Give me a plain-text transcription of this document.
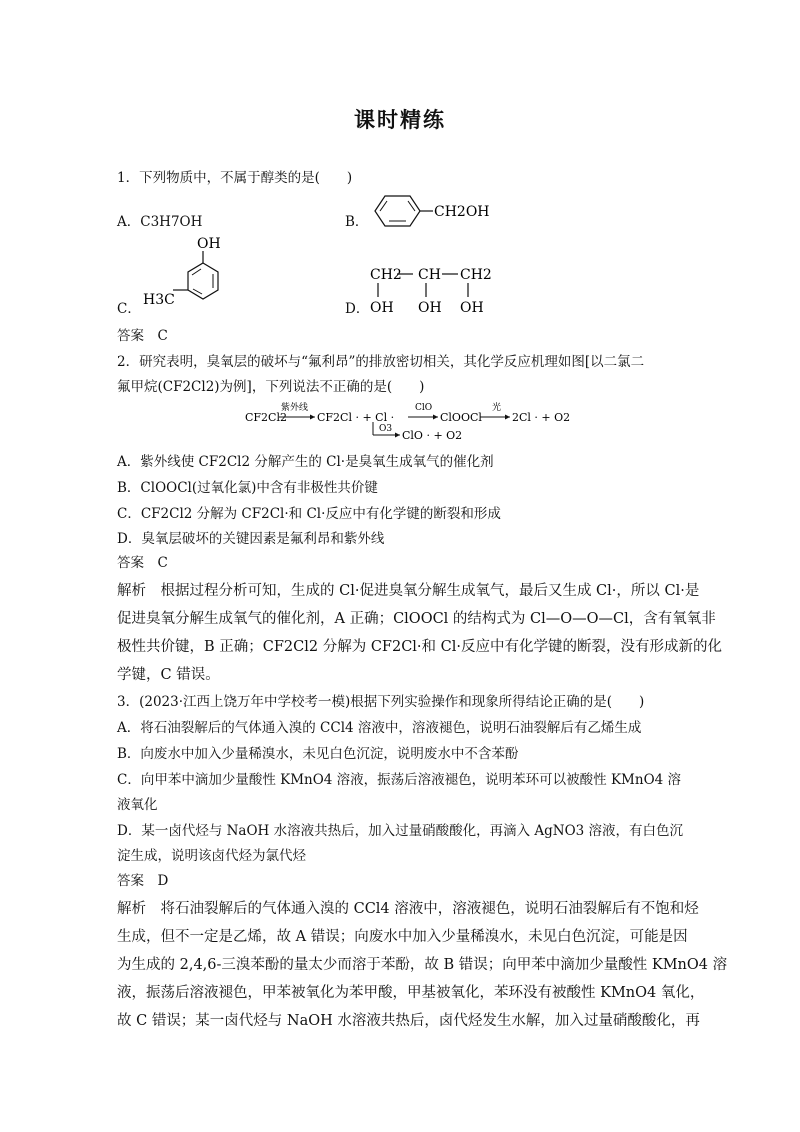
课时精练
1．下列物质中，不属于醇类的是(　　)
A．C3H7OH	B．
CH2OH
C．
OH
H3C
D．
CH2 CH CH2
OH OH OH
答案　C
2．研究表明，臭氧层的破坏与“氟利昂”的排放密切相关，其化学反应机理如图[以二氯二
氟甲烷(CF2Cl2)为例]，下列说法不正确的是(　　)
CF2Cl2
紫外线
CF2Cl · + Cl ·
ClO
ClOOCl
光
2Cl · + O2
O3 ClO · + O2
A．紫外线使 CF2Cl2 分解产生的 Cl·是臭氧生成氧气的催化剂
B．ClOOCl(过氧化氯)中含有非极性共价键
C．CF2Cl2 分解为 CF2Cl·和 Cl·反应中有化学键的断裂和形成
D．臭氧层破坏的关键因素是氟利昂和紫外线
答案　C
解析　根据过程分析可知，生成的 Cl·促进臭氧分解生成氧气，最后又生成 Cl·，所以 Cl·是
促进臭氧分解生成氧气的催化剂，A 正确；ClOOCl 的结构式为 Cl—O—O—Cl，含有氧氧非
极性共价键，B 正确；CF2Cl2 分解为 CF2Cl·和 Cl·反应中有化学键的断裂，没有形成新的化
学键，C 错误。
3．(2023·江西上饶万年中学校考一模)根据下列实验操作和现象所得结论正确的是(　　)
A．将石油裂解后的气体通入溴的 CCl4 溶液中，溶液褪色，说明石油裂解后有乙烯生成
B．向废水中加入少量稀溴水，未见白色沉淀，说明废水中不含苯酚
C．向甲苯中滴加少量酸性 KMnO4 溶液，振荡后溶液褪色，说明苯环可以被酸性 KMnO4 溶
液氧化
D．某一卤代烃与 NaOH 水溶液共热后，加入过量硝酸酸化，再滴入 AgNO3 溶液，有白色沉
淀生成，说明该卤代烃为氯代烃
答案　D
解析　将石油裂解后的气体通入溴的 CCl4 溶液中，溶液褪色，说明石油裂解后有不饱和烃
生成，但不一定是乙烯，故 A 错误；向废水中加入少量稀溴水，未见白色沉淀，可能是因
为生成的 2,4,6-三溴苯酚的量太少而溶于苯酚，故 B 错误；向甲苯中滴加少量酸性 KMnO4 溶
液，振荡后溶液褪色，甲苯被氧化为苯甲酸，甲基被氧化，苯环没有被酸性 KMnO4 氧化，
故 C 错误；某一卤代烃与 NaOH 水溶液共热后，卤代烃发生水解，加入过量硝酸酸化，再
